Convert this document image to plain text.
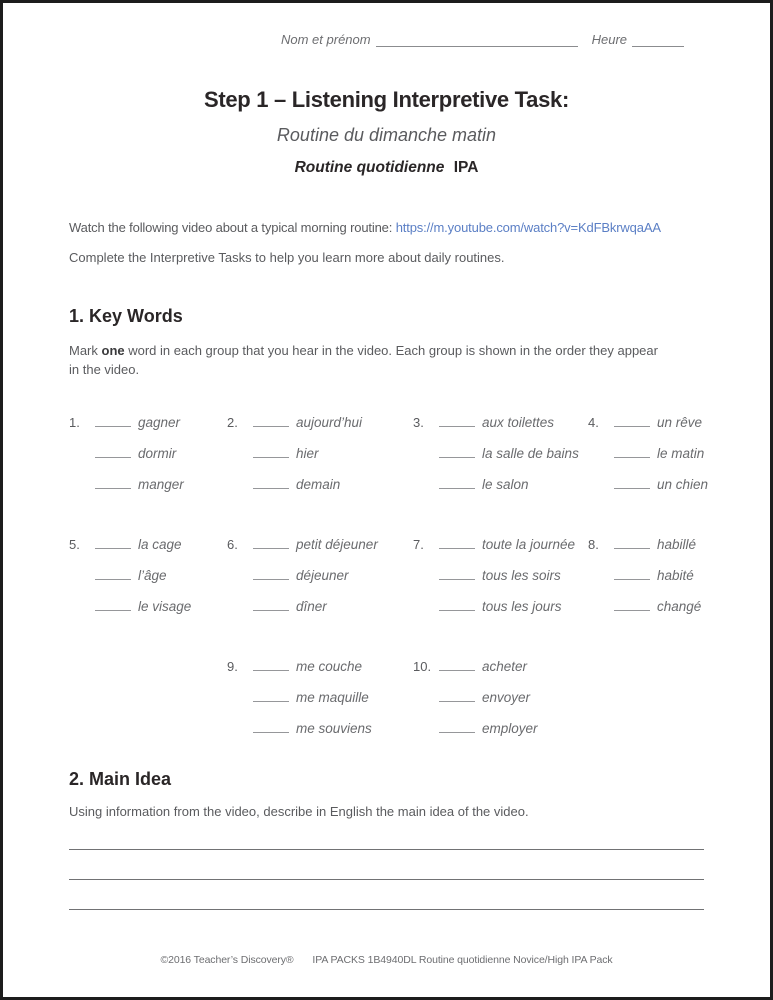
Nom et prénom	Heure
Step 1 – Listening Interpretive Task:
Routine du dimanche matin
Routine quotidienne IPA
Watch the following video about a typical morning routine: https://m.youtube.com/watch?v=KdFBkrwqaAA
Complete the Interpretive Tasks to help you learn more about daily routines.
1. Key Words
Mark one word in each group that you hear in the video. Each group is shown in the order they appear in the video.
1.	gagner
dormir
manger
2.	aujourd’hui
hier
demain
3.	aux toilettes
la salle de bains
le salon
4.	un rêve
le matin
un chien
5.	la cage
l’âge
le visage
6.	petit déjeuner
déjeuner
dîner
7.	toute la journée
tous les soirs
tous les jours
8.	habillé
habité
changé
9.	me couche
me maquille
me souviens
10.	acheter
envoyer
employer
2. Main Idea
Using information from the video, describe in English the main idea of the video.
©2016 Teacher’s Discovery® IPA PACKS 1B4940DL Routine quotidienne Novice/High IPA Pack
